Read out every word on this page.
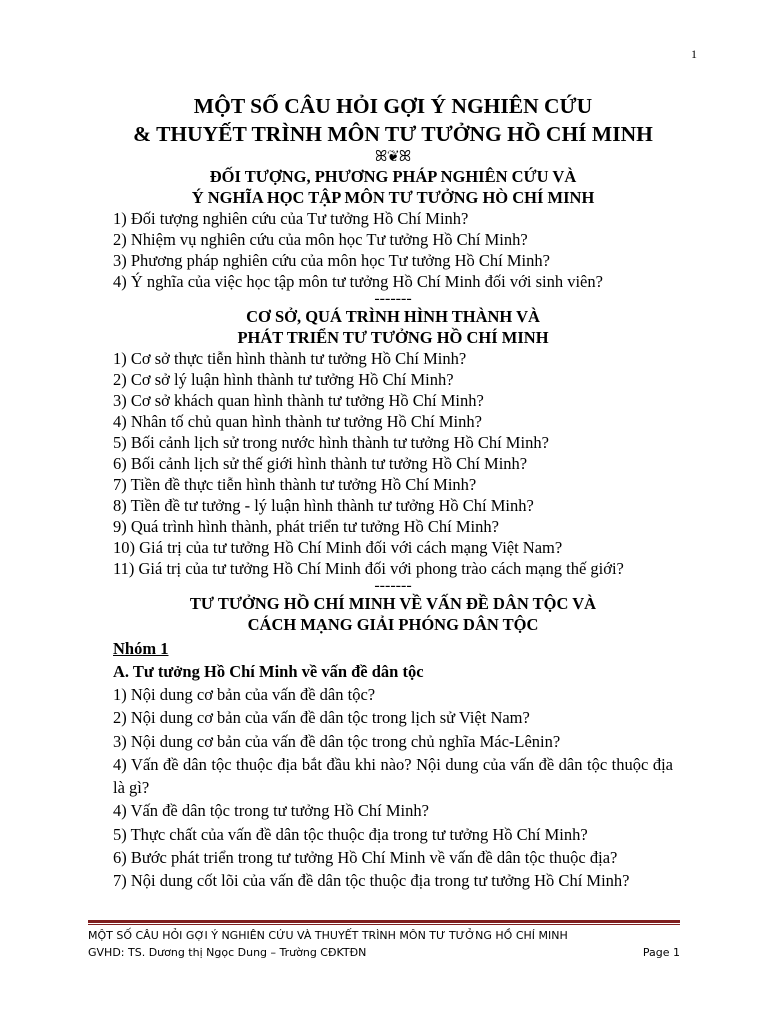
1
MỘT SỐ CÂU HỎI GỢI Ý NGHIÊN CỨU
& THUYẾT TRÌNH MÔN TƯ TƯỞNG HỒ CHÍ MINH
ꕤ❦ꕤ
ĐỐI TƯỢNG, PHƯƠNG PHÁP NGHIÊN CỨU VÀ
Ý NGHĨA HỌC TẬP MÔN TƯ TƯỞNG HÒ CHÍ MINH
1) Đối tượng nghiên cứu của Tư tưởng Hồ Chí Minh?
2) Nhiệm vụ nghiên cứu của môn học Tư tưởng Hồ Chí Minh?
3) Phương pháp nghiên cứu của môn học Tư tưởng Hồ Chí Minh?
4) Ý nghĩa của việc học tập môn tư tưởng Hồ Chí Minh đối với sinh viên?
-------
CƠ SỞ, QUÁ TRÌNH HÌNH THÀNH VÀ
PHÁT TRIỂN TƯ TƯỞNG HỒ CHÍ MINH
1) Cơ sở thực tiễn hình thành tư tưởng Hồ Chí Minh?
2) Cơ sở lý luận hình thành tư tưởng Hồ Chí Minh?
3) Cơ sở khách quan hình thành tư tưởng Hồ Chí Minh?
4) Nhân tố chủ quan hình thành tư tưởng Hồ Chí Minh?
5) Bối cảnh lịch sử trong nước hình thành tư tưởng Hồ Chí Minh?
6) Bối cảnh lịch sử thế giới hình thành tư tưởng Hồ Chí Minh?
7) Tiền đề thực tiễn hình thành tư tưởng Hồ Chí Minh?
8) Tiền đề tư tưởng - lý luận hình thành tư tưởng Hồ Chí Minh?
9) Quá trình hình thành, phát triển tư tưởng Hồ Chí Minh?
10) Giá trị của tư tưởng Hồ Chí Minh đối với cách mạng Việt Nam?
11) Giá trị của tư tưởng Hồ Chí Minh đối với phong trào cách mạng thế giới?
-------
TƯ TƯỞNG HỒ CHÍ MINH VỀ VẤN ĐỀ DÂN TỘC VÀ
CÁCH MẠNG GIẢI PHÓNG DÂN TỘC
Nhóm 1
A. Tư tưởng Hồ Chí Minh về vấn đề dân tộc
1) Nội dung cơ bản của vấn đề dân tộc?
2) Nội dung cơ bản của vấn đề dân tộc trong lịch sử Việt Nam?
3) Nội dung cơ bản của vấn đề dân tộc trong chủ nghĩa Mác-Lênin?
4) Vấn đề dân tộc thuộc địa bắt đầu khi nào? Nội dung của vấn đề dân tộc thuộc địa là gì?
4) Vấn đề dân tộc trong tư tưởng Hồ Chí Minh?
5) Thực chất của vấn đề dân tộc thuộc địa trong tư tưởng Hồ Chí Minh?
6) Bước phát triển trong tư tưởng Hồ Chí Minh về vấn đề dân tộc thuộc địa?
7) Nội dung cốt lõi của vấn đề dân tộc thuộc địa trong tư tưởng Hồ Chí Minh?
MỘT SỐ CÂU HỎI GỢI Ý NGHIÊN CỨU VÀ THUYẾT TRÌNH MÔN TƯ TƯỞNG HỒ CHÍ MINH
GVHD: TS. Dương thị Ngọc Dung – Trường CĐKTĐN	Page 1
